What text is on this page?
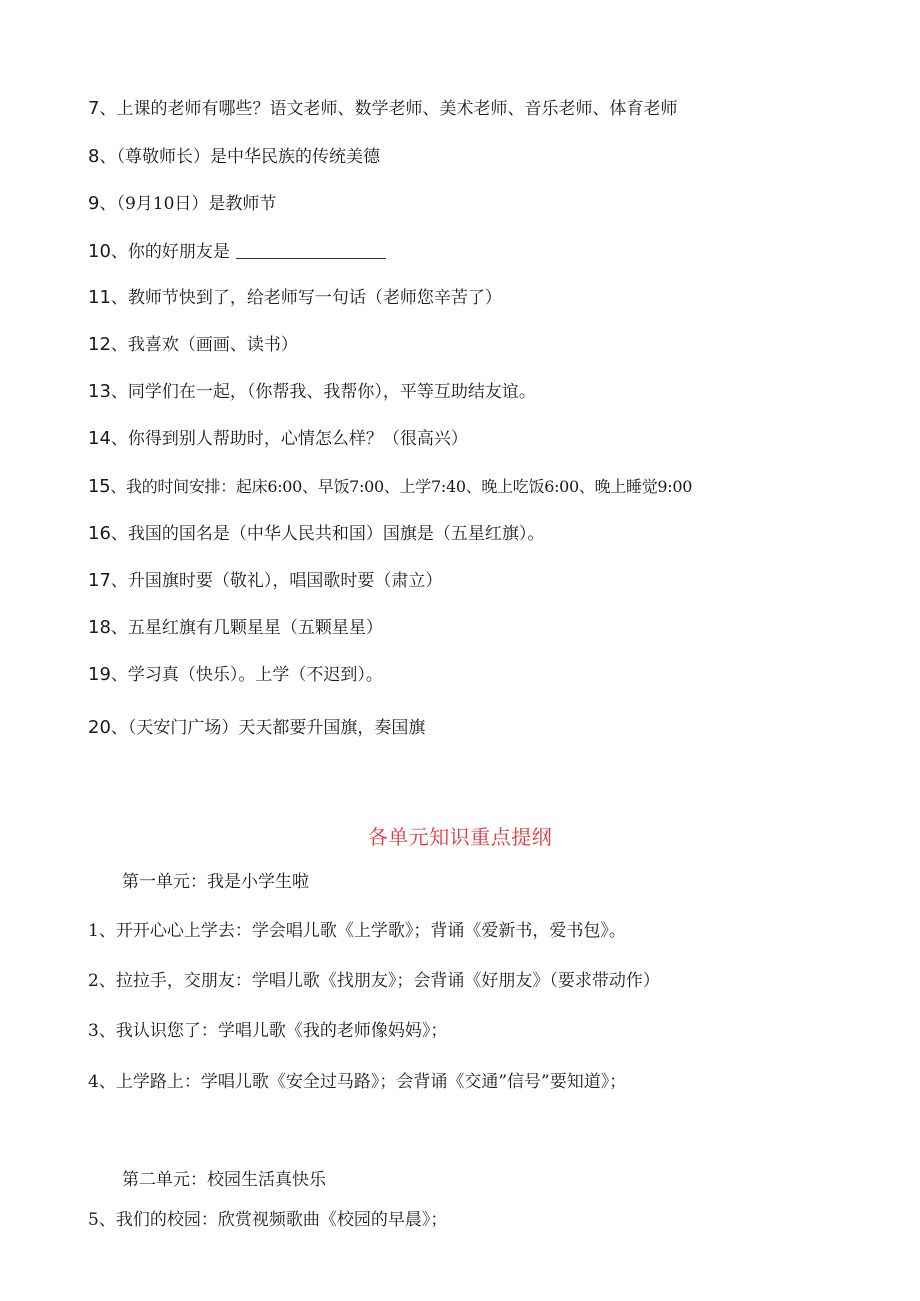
7、上课的老师有哪些？语文老师、数学老师、美术老师、音乐老师、体育老师
8、（尊敬师长）是中华民族的传统美德
9、（9月10日）是教师节
10、你的好朋友是
11、教师节快到了，给老师写一句话（老师您辛苦了）
12、我喜欢（画画、读书）
13、同学们在一起，（你帮我、我帮你），平等互助结友谊。
14、你得到别人帮助时，心情怎么样？（很高兴）
15、我的时间安排：起床6:00、早饭7:00、上学7:40、晚上吃饭6:00、晚上睡觉9:00
16、我国的国名是（中华人民共和国）国旗是（五星红旗）。
17、升国旗时要（敬礼），唱国歌时要（肃立）
18、五星红旗有几颗星星（五颗星星）
19、学习真（快乐）。上学（不迟到）。
20、（天安门广场）天天都要升国旗，奏国旗
各单元知识重点提纲
第一单元：我是小学生啦
1、开开心心上学去：学会唱儿歌《上学歌》；背诵《爱新书，爱书包》。
2、拉拉手，交朋友：学唱儿歌《找朋友》；会背诵《好朋友》（要求带动作）
3、我认识您了：学唱儿歌《我的老师像妈妈》；
4、上学路上：学唱儿歌《安全过马路》；会背诵《交通”信号”要知道》；
第二单元：校园生活真快乐
5、我们的校园：欣赏视频歌曲《校园的早晨》；
